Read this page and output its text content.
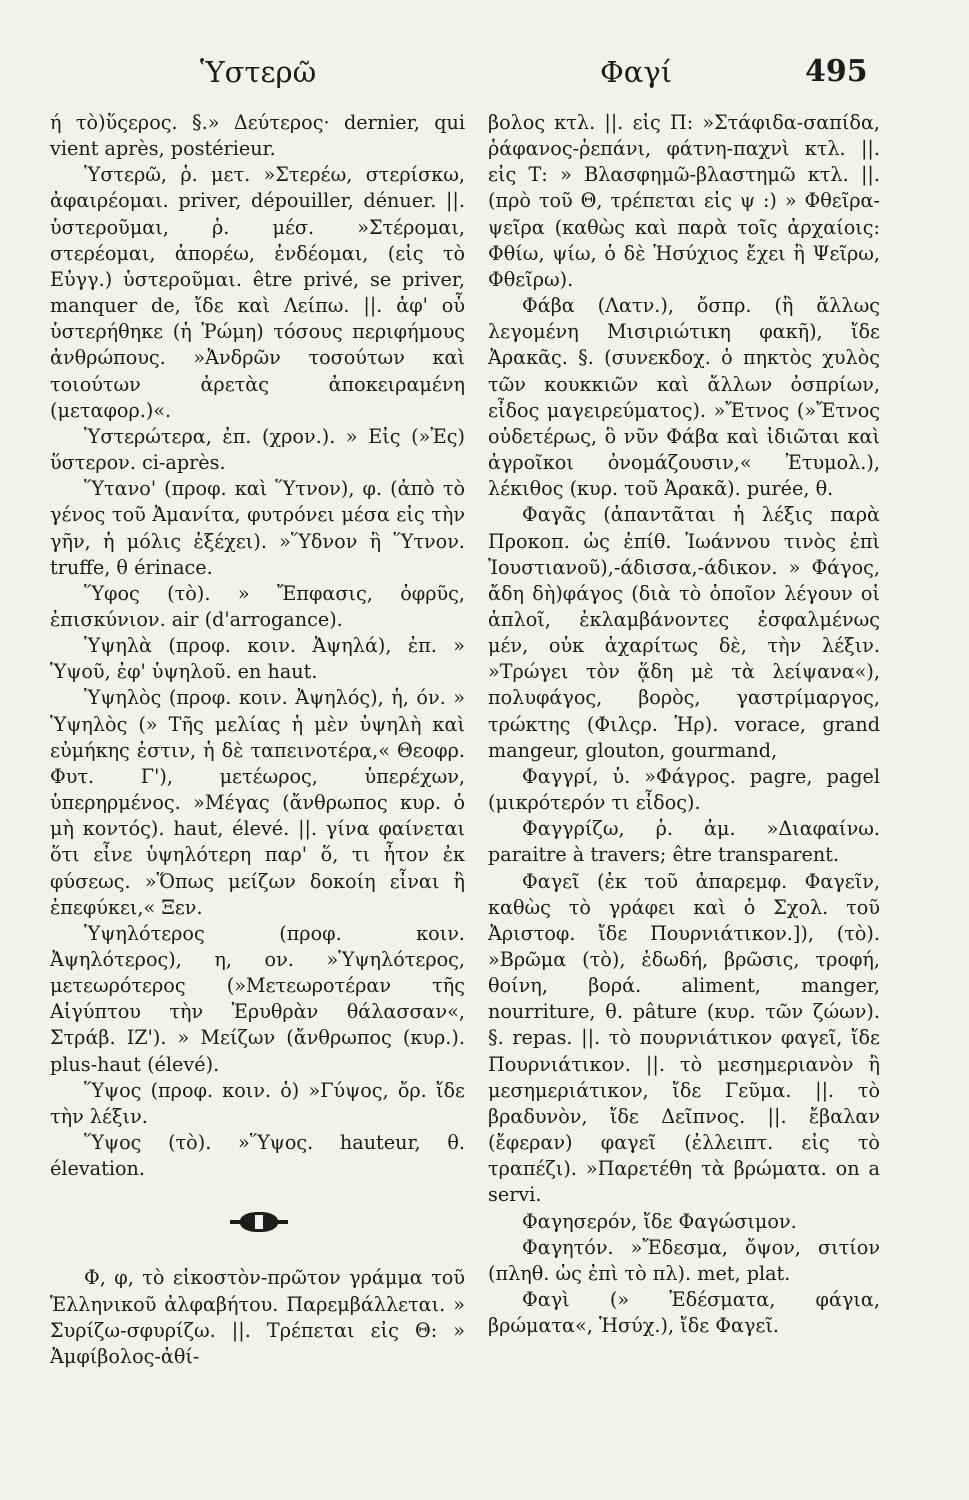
Ὑστερῶ	Φαγί	495

ή τὸ)ὕςερος. §.» Δεύτερος· dernier, qui vient après, postérieur.

Ὑστερῶ, ῥ. μετ. »Στερέω, στερίσκω, ἀφαιρέομαι. priver, dépouiller, dénuer. ||. ὑστεροῦμαι, ῥ. μέσ. »Στέρομαι, στερέομαι, ἀπορέω, ἐνδέομαι, (εἰς τὸ Εὐγγ.) ὑστεροῦμαι. être privé, se priver, manquer de, ἴδε καὶ Λείπω. ||. ἀφ' οὗ ὑστερήθηκε (ἡ Ῥώμη) τόσους περιφήμους ἀνθρώπους. »Ἀνδρῶν τοσούτων καὶ τοιούτων ἀρετὰς ἀποκειραμένη (μεταφορ.)«.

Ὑστερώτερα, ἐπ. (χρον.). » Εἰς (»Ἐς) ὕστερον. ci-après.

Ὕτανο' (προφ. καὶ Ὕτνον), φ. (ἀπὸ τὸ γένος τοῦ Ἀμανίτα, φυτρόνει μέσα εἰς τὴν γῆν, ἡ μόλις ἐξέχει). »Ὕδνον ἢ Ὕτνον. truffe, θ érinace.

Ὕφος (τὸ). » Ἔπφασις, ὀφρῦς, ἐπισκύνιον. air (d'arrogance).

Ὑψηλὰ (προφ. κοιν. Ἀψηλά), ἐπ. » Ὑψοῦ, ἐφ' ὑψηλοῦ. en haut.

Ὑψηλὸς (προφ. κοιν. Ἀψηλός), ἡ, όν. » Ὑψηλὸς (» Τῆς μελίας ἡ μὲν ὑψηλὴ καὶ εὐμήκης ἐστιν, ἡ δὲ ταπεινοτέρα,« Θεοφρ. Φυτ. Γ'), μετέωρος, ὑπερέχων, ὑπερηρμένος. »Μέγας (ἄνθρωπος κυρ. ὁ μὴ κοντός). haut, élevé. ||. γίνα φαίνεται ὅτι εἶνε ὑψηλότερη παρ' ὅ, τι ἦτον ἐκ φύσεως. »Ὅπως μείζων δοκοίη εἶναι ἢ ἐπεφύκει,« Ξεν.

Ὑψηλότερος (προφ. κοιν. Ἀψηλότερος), η, ον. »Ὑψηλότερος, μετεωρότερος (»Μετεωροτέραν τῆς Αἰγύπτου τὴν Ἐρυθρὰν θάλασσαν«, Στράβ. ΙΖ'). » Μείζων (ἄνθρωπος (κυρ.). plus-haut (élevé).

Ὕψος (προφ. κοιν. ὁ) »Γύψος, ὄρ. ἴδε τὴν λέξιν.

Ὕψος (τὸ). »Ὕψος. hauteur, θ. élevation.

Φ, φ, τὸ εἰκοστὸν-πρῶτον γράμμα τοῦ Ἑλληνικοῦ ἀλφαβήτου. Παρεμβάλλεται. » Συρίζω-σφυρίζω. ||. Τρέπεται εἰς Θ: » Ἀμφίβολος-ἀθί-

βολος κτλ. ||. εἰς Π: »Στάφιδα-σαπίδα, ῥάφανος-ῥεπάνι, φάτνη-παχνὶ κτλ. ||. εἰς Τ: » Βλασφημῶ-βλαστημῶ κτλ. ||. (πρὸ τοῦ Θ, τρέπεται εἰς ψ :) » Φθεῖρα-ψεῖρα (καθὼς καὶ παρὰ τοῖς ἀρχαίοις: Φθίω, ψίω, ὁ δὲ Ἡσύχιος ἔχει ἢ Ψεῖρω, Φθεῖρω).

Φάβα (Λατν.), ὄσπρ. (ἢ ἄλλως λεγομένη Μισιριώτικη φακῆ), ἴδε Ἀρακᾶς. §. (συνεκδοχ. ὁ πηκτὸς χυλὸς τῶν κουκκιῶν καὶ ἄλλων ὀσπρίων, εἶδος μαγειρεύματος). »Ἔτνος (»Ἔτνος οὐδετέρως, ὃ νῦν Φάβα καὶ ἰδιῶται καὶ ἀγροῖκοι ὀνομάζουσιν,« Ἐτυμολ.), λέκιθος (κυρ. τοῦ Ἀρακᾶ). purée, θ.

Φαγᾶς (ἀπαντᾶται ἡ λέξις παρὰ Προκοπ. ὡς ἐπίθ. Ἰωάννου τινὸς ἐπὶ Ἰουστιανοῦ),-άδισσα,-άδικον. » Φάγος, ἄδη δὴ)φάγος (διὰ τὸ ὁποῖον λέγουν οἱ ἁπλοῖ, ἐκλαμβάνοντες ἐσφαλμένως μέν, οὐκ ἀχαρίτως δὲ, τὴν λέξιν. »Τρώγει τὸν ᾅδη μὲ τὰ λείψανα«), πολυφάγος, βορὸς, γαστρίμαργος, τρώκτης (Φιλςρ. Ἡρ). vorace, grand mangeur, glouton, gourmand,

Φαγγρί, ὑ. »Φάγρος. pagre, pagel (μικρότερόν τι εἶδος).

Φαγγρίζω, ῥ. ἀμ. »Διαφαίνω. paraitre à travers; être transparent.

Φαγεῖ (ἐκ τοῦ ἀπαρεμφ. Φαγεῖν, καθὼς τὸ γράφει καὶ ὁ Σχολ. τοῦ Ἀριστοφ. ἴδε Πουρνιάτικον.]), (τὸ). »Βρῶμα (τὸ), ἐδωδή, βρῶσις, τροφή, θοίνη, βορά. aliment, manger, nourriture, θ. pâture (κυρ. τῶν ζώων). §. repas. ||. τὸ πουρνιάτικον φαγεῖ, ἴδε Πουρνιάτικον. ||. τὸ μεσημεριανὸν ἢ μεσημεριάτικον, ἴδε Γεῦμα. ||. τὸ βραδυνὸν, ἴδε Δεῖπνος. ||. ἔβαλαν (ἔφεραν) φαγεῖ (ἐλλειπτ. εἰς τὸ τραπέζι). »Παρετέθη τὰ βρώματα. on a servi.

Φαγησερόν, ἴδε Φαγώσιμον.

Φαγητόν. »Ἔδεσμα, ὄψον, σιτίον (πληθ. ὡς ἐπὶ τὸ πλ). met, plat.

Φαγὶ (» Ἐδέσματα, φάγια, βρώματα«, Ἡσύχ.), ἴδε Φαγεῖ.
